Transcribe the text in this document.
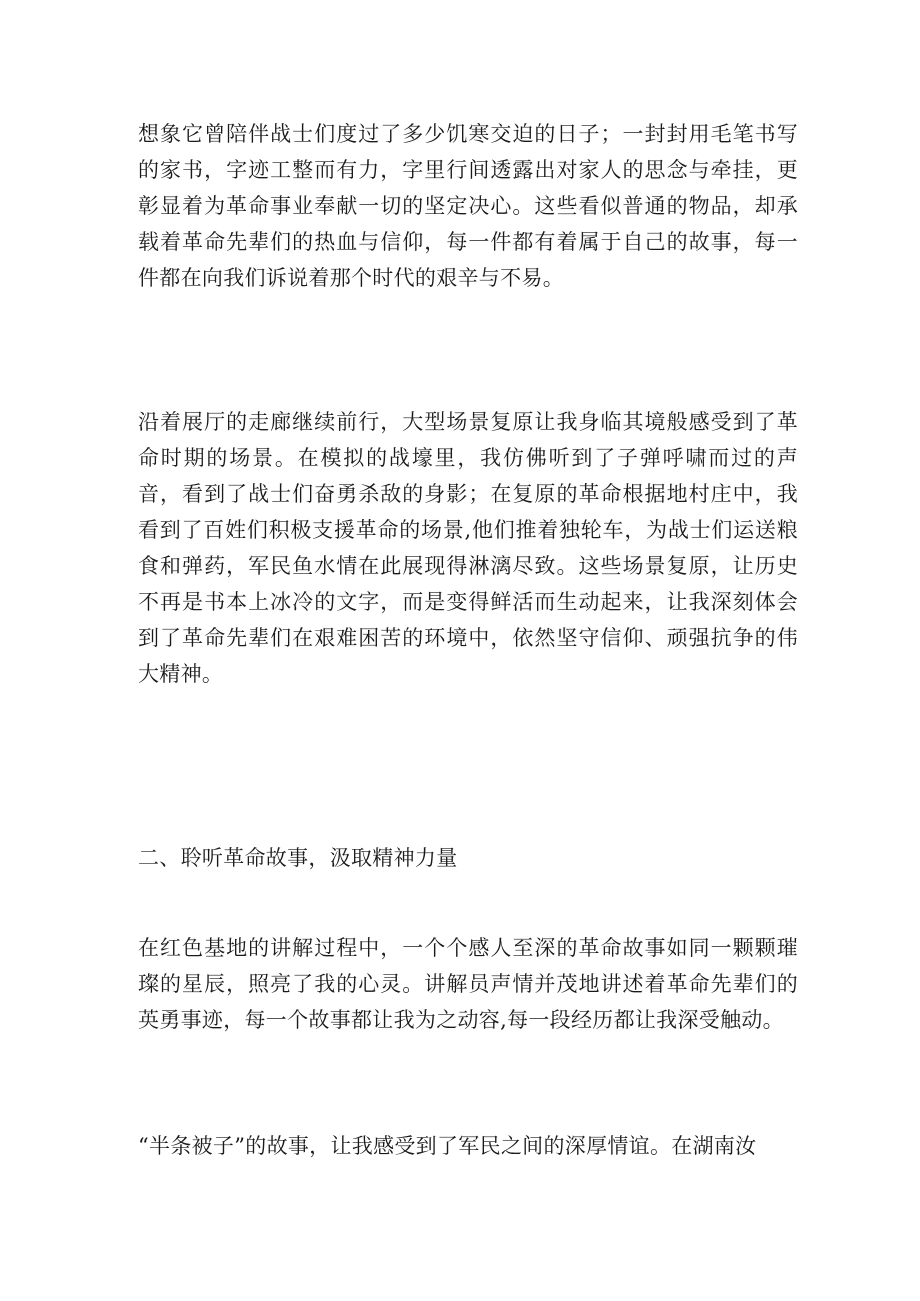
想象它曾陪伴战士们度过了多少饥寒交迫的日子；一封封用毛笔书写的家书，字迹工整而有力，字里行间透露出对家人的思念与牵挂，更彰显着为革命事业奉献一切的坚定决心。这些看似普通的物品，却承载着革命先辈们的热血与信仰，每一件都有着属于自己的故事，每一件都在向我们诉说着那个时代的艰辛与不易。

沿着展厅的走廊继续前行，大型场景复原让我身临其境般感受到了革命时期的场景。在模拟的战壕里，我仿佛听到了子弹呼啸而过的声音，看到了战士们奋勇杀敌的身影；在复原的革命根据地村庄中，我看到了百姓们积极支援革命的场景,他们推着独轮车，为战士们运送粮食和弹药，军民鱼水情在此展现得淋漓尽致。这些场景复原，让历史不再是书本上冰冷的文字，而是变得鲜活而生动起来，让我深刻体会到了革命先辈们在艰难困苦的环境中，依然坚守信仰、顽强抗争的伟大精神。

二、聆听革命故事，汲取精神力量

在红色基地的讲解过程中，一个个感人至深的革命故事如同一颗颗璀璨的星辰，照亮了我的心灵。讲解员声情并茂地讲述着革命先辈们的英勇事迹，每一个故事都让我为之动容,每一段经历都让我深受触动。

“半条被子”的故事，让我感受到了军民之间的深厚情谊。在湖南汝
